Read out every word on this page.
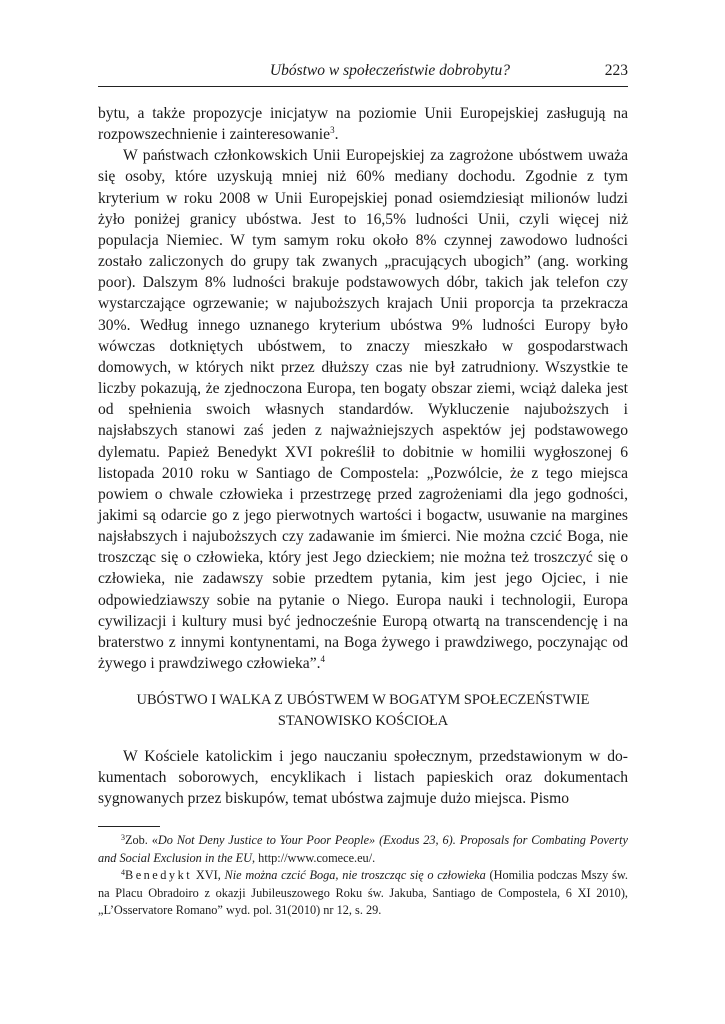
Ubóstwo w społeczeństwie dobrobytu?	223

bytu, a także propozycje inicjatyw na poziomie Unii Europejskiej zasługują na rozpowszechnienie i zainteresowanie$^3$.

W państwach członkowskich Unii Europejskiej za zagrożone ubóstwem uważa się osoby, które uzyskują mniej niż 60% mediany dochodu. Zgodnie z tym kryterium w roku 2008 w Unii Europejskiej ponad osiemdziesiąt milionów ludzi żyło poniżej granicy ubóstwa. Jest to 16,5% ludności Unii, czyli więcej niż populacja Niemiec. W tym samym roku około 8% czynnej zawodowo ludności zostało zaliczonych do grupy tak zwanych „pracujących ubogich” (ang. working poor). Dalszym 8% ludności brakuje podstawowych dóbr, takich jak telefon czy wystarczające ogrzewanie; w najuboższych krajach Unii proporcja ta przekracza 30%. Według innego uznanego kryterium ubóstwa 9% ludności Europy było wówczas dotkniętych ubóstwem, to znaczy mieszkało w gospodarstwach domowych, w których nikt przez dłuższy czas nie był zatrudniony. Wszystkie te liczby pokazują, że zjednoczona Europa, ten bogaty obszar ziemi, wciąż daleka jest od spełnienia swoich własnych standardów. Wykluczenie najuboższych i najsłabszych stanowi zaś jeden z najważniejszych aspektów jej podstawowego dylematu. Papież Benedykt XVI pokreślił to dobitnie w homilii wygłoszonej 6 listopada 2010 roku w Santiago de Compostela: „Pozwólcie, że z tego miejsca powiem o chwale człowieka i przestrzegę przed zagrożeniami dla jego godności, jakimi są odarcie go z jego pierwotnych wartości i bogactw, usuwanie na margines najsłabszych i najuboższych czy zadawanie im śmierci. Nie można czcić Boga, nie troszcząc się o człowieka, który jest Jego dzieckiem; nie można też troszczyć się o człowieka, nie zadawszy sobie przedtem pytania, kim jest jego Ojciec, i nie odpowiedziawszy sobie na pytanie o Niego. Europa nauki i technologii, Europa cywilizacji i kultury musi być jednocześnie Europą otwartą na transcendencję i na braterstwo z innymi kontynentami, na Boga żywego i prawdziwego, poczynając od żywego i prawdziwego człowieka”.$^4$

UBÓSTWO I WALKA Z UBÓSTWEM W BOGATYM SPOŁECZEŃSTWIE
STANOWISKO KOŚCIOŁA
W Kościele katolickim i jego nauczaniu społecznym, przedstawionym w dokumentach soborowych, encyklikach i listach papieskich oraz dokumentach sygnowanych przez biskupów, temat ubóstwa zajmuje dużo miejsca. Pismo

$^3$Zob. «Do Not Deny Justice to Your Poor People» (Exodus 23, 6). Proposals for Combating Poverty and Social Exclusion in the EU, http://www.comece.eu/.

$^4$Benedykt XVI, Nie można czcić Boga, nie troszcząc się o człowieka (Homilia podczas Mszy św. na Placu Obradoiro z okazji Jubileuszowego Roku św. Jakuba, Santiago de Compostela, 6 XI 2010), „L’Osservatore Romano” wyd. pol. 31(2010) nr 12, s. 29.
